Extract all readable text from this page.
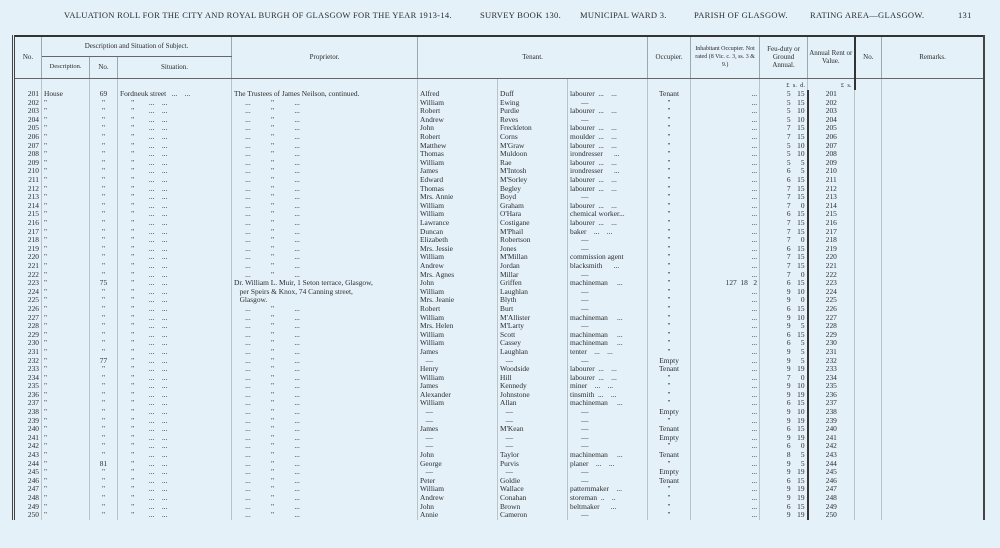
VALUATION ROLL FOR THE CITY AND ROYAL BURGH OF GLASGOW FOR THE YEAR 1913-14.

	SURVEY BOOK 130.

MUNICIPAL WARD 3.

	PARISH OF GLASGOW.

	RATING AREA—GLASGOW.

	131

No.	Description and Situation of Subject.			Proprietor.	Tenant.			Occupier.	Inhabitant Occupier. Not rated (8 Vic. c. 3, ss. 3 & 9.)	Feu-duty or Ground Annual.	Annual Rent or Value.	No.	Remarks.
	Description.	No.	Situation.										
										£  s.  d.	£  s.		
201	House	69	Fordneuk street   ...    ...	The Trustees of James Neilson, continued.	Alfred	Duff	labourer  ...    ...	Tenant	...	5 15	201		
202	"	"	"        ...    ...	...           "           ...	William	Ewing	—	"	...	5 15	202		
203	"	"	"        ...    ...	...           "           ...	Robert	Purdie	labourer  ...    ...	"	...	5 10	203		
204	"	"	"        ...    ...	...           "           ...	Andrew	Reves	—	"	...	5 10	204		
205	"	"	"        ...    ...	...           "           ...	John	Freckleton	labourer  ...    ...	"	...	7 15	205		
206	"	"	"        ...    ...	...           "           ...	Robert	Corns	moulder  ...    ...	"	...	7 15	206		
207	"	"	"        ...    ...	...           "           ...	Matthew	M'Graw	labourer  ...    ...	"	...	5 10	207		
208	"	"	"        ...    ...	...           "           ...	Thomas	Muldoon	irondresser      ...	"	...	5 10	208		
209	"	"	"        ...    ...	...           "           ...	William	Rae	labourer  ...    ...	"	...	5 5	209		
210	"	"	"        ...    ...	...           "           ...	James	M'Intosh	irondresser      ...	"	...	6 5	210		
211	"	"	"        ...    ...	...           "           ...	Edward	M'Sorley	labourer  ...    ...	"	...	6 15	211		
212	"	"	"        ...    ...	...           "           ...	Thomas	Begley	labourer  ...    ...	"	...	7 15	212		
213	"	"	"        ...    ...	...           "           ...	Mrs. Annie	Boyd	—	"	...	7 15	213		
214	"	"	"        ...    ...	...           "           ...	William	Graham	labourer  ...    ...	"	...	7 0	214		
215	"	"	"        ...    ...	...           "           ...	William	O'Hara	chemical worker...	"	...	6 15	215		
216	"	"	"        ...    ...	...           "           ...	Lawrance	Costigane	labourer  ...    ...	"	...	7 15	216		
217	"	"	"        ...    ...	...           "           ...	Duncan	M'Phail	baker    ...    ...	"	...	7 15	217		
218	"	"	"        ...    ...	...           "           ...	Elizabeth	Robertson	—	"	...	7 0	218		
219	"	"	"        ...    ...	...           "           ...	Mrs. Jessie	Jones	—	"	...	6 15	219		
220	"	"	"        ...    ...	...           "           ...	William	M'Millan	commission agent	"	...	7 15	220		
221	"	"	"        ...    ...	...           "           ...	Andrew	Jordan	blacksmith      ...	"	...	7 15	221		
222	"	"	"        ...    ...	...           "           ...	Mrs. Agnes	Millar	—	"	...	7 0	222		
223	"	75	"        ...    ...	Dr. William L. Muir, 1 Seton terrace, Glasgow,	John	Griffen	machineman     ...	"	127  18   2	6 15	223		
224	"	"	"        ...    ...	per Speirs & Knox, 74 Canning street,	William	Laughlan	—	"	...	9 10	224		
225	"	"	"        ...    ...	Glasgow.	Mrs. Jeanie	Blyth	—	"	...	9 0	225		
226	"	"	"        ...    ...	...           "           ...	Robert	Burt	—	"	...	6 15	226		
227	"	"	"        ...    ...	...           "           ...	William	M'Allister	machineman     ...	"	...	9 10	227		
228	"	"	"        ...    ...	...           "           ...	Mrs. Helen	M'Larty	—	"	...	9 5	228		
229	"	"	"        ...    ...	...           "           ...	William	Scott	machineman     ...	"	...	6 15	229		
230	"	"	"        ...    ...	...           "           ...	William	Cassey	machineman     ...	"	...	6 5	230		
231	"	"	"        ...    ...	...           "           ...	James	Laughlan	tenter    ...    ...	"	...	9 5	231		
232	"	77	"        ...    ...	...           "           ...	—	—	—	Empty	...	9 5	232		
233	"	"	"        ...    ...	...           "           ...	Henry	Woodside	labourer  ...    ...	Tenant	...	9 19	233		
234	"	"	"        ...    ...	...           "           ...	William	Hill	labourer  ...    ...	"	...	7 0	234		
235	"	"	"        ...    ...	...           "           ...	James	Kennedy	miner    ...    ...	"	...	9 10	235		
236	"	"	"        ...    ...	...           "           ...	Alexander	Johnstone	tinsmith  ...    ...	"	...	9 19	236		
237	"	"	"        ...    ...	...           "           ...	William	Allan	machineman     ...	"	...	6 15	237		
238	"	"	"        ...    ...	...           "           ...	—	—	—	Empty	...	9 10	238		
239	"	"	"        ...    ...	...           "           ...	—	—	—	"	...	9 19	239		
240	"	"	"        ...    ...	...           "           ...	James	M'Kean	—	Tenant	...	6 15	240		
241	"	"	"        ...    ...	...           "           ...	—	—	—	Empty	...	9 19	241		
242	"	"	"        ...    ...	...           "           ...	—	—	—	"	...	6 0	242		
243	"	"	"        ...    ...	...           "           ...	John	Taylor	machineman     ...	Tenant	...	8 5	243		
244	"	81	"        ...    ...	...           "           ...	George	Purvis	planer    ...    ...	"	...	9 5	244		
245	"	"	"        ...    ...	...           "           ...	—	—	—	Empty	...	9 19	245		
246	"	"	"        ...    ...	...           "           ...	Peter	Goldie	—	Tenant	...	6 15	246		
247	"	"	"        ...    ...	...           "           ...	William	Wallace	patternmaker    ...	"	...	9 19	247		
248	"	"	"        ...    ...	...           "           ...	Andrew	Conahan	storeman  ..    ..	"	...	9 19	248		
249	"	"	"        ...    ...	...           "           ...	John	Brown	beltmaker      ...	"	...	6 15	249		
250	"	"	"        ...    ...	...           "           ...	Annie	Cameron	—	"	...	9 19	250		
